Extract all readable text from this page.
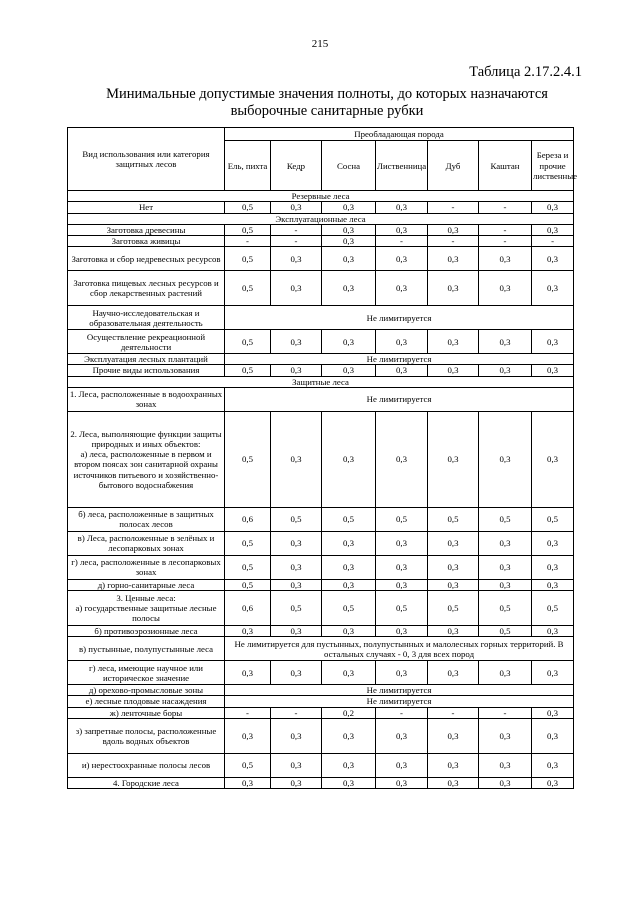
215
Таблица 2.17.2.4.1
Минимальные допустимые значения полноты, до которых назначаются
выборочные санитарные рубки
Вид использования или категория защитных лесов	Преобладающая порода						
	Ель, пихта	Кедр	Сосна	Лиственница	Дуб	Каштан	Береза и прочие лиственные
Резервные леса							
Нет	0,5	0,3	0,3	0,3	-	-	0,3
Эксплуатационные леса							
Заготовка древесины	0,5	-	0,3	0,3	0,3	-	0,3
Заготовка живицы	-	-	0,3	-	-	-	-
Заготовка и сбор недревесных ресурсов	0,5	0,3	0,3	0,3	0,3	0,3	0,3
Заготовка пищевых лесных ресурсов и сбор лекарственных растений	0,5	0,3	0,3	0,3	0,3	0,3	0,3
Научно-исследовательская и образовательная деятельность	Не лимитируется						
Осуществление рекреационной деятельности	0,5	0,3	0,3	0,3	0,3	0,3	0,3
Эксплуатация лесных плантаций	Не лимитируется						
Прочие виды использования	0,5	0,3	0,3	0,3	0,3	0,3	0,3
Защитные леса							
1. Леса, расположенные в водоохранных зонах	Не лимитируется						
2. Леса, выполняющие функции защиты природных и иных объектов:
а) леса, расположенные в первом и втором поясах зон санитарной охраны источников питьевого и хозяйственно-бытового водоснабжения	0,5	0,3	0,3	0,3	0,3	0,3	0,3
б) леса, расположенные в защитных полосах лесов	0,6	0,5	0,5	0,5	0,5	0,5	0,5
в) Леса, расположенные в зелёных и лесопарковых зонах	0,5	0,3	0,3	0,3	0,3	0,3	0,3
г) леса, расположенные в лесопарковых зонах	0,5	0,3	0,3	0,3	0,3	0,3	0,3
д) горно-санитарные леса	0,5	0,3	0,3	0,3	0,3	0,3	0,3
3. Ценные леса:
а) государственные защитные лесные полосы	0,6	0,5	0,5	0,5	0,5	0,5	0,5
б) противоэрозионные леса	0,3	0,3	0,3	0,3	0,3	0,5	0,3
в) пустынные, полупустынные леса	Не лимитируется для пустынных, полупустынных и малолесных горных территорий. В остальных случаях - 0, 3 для всех пород						
г) леса, имеющие научное или историческое значение	0,3	0,3	0,3	0,3	0,3	0,3	0,3
д) орехово-промысловые зоны	Не лимитируется						
е) лесные плодовые насаждения	Не лимитируется						
ж) ленточные боры	-	-	0,2	-	-	-	0,3
з) запретные полосы, расположенные вдоль водных объектов	0,3	0,3	0,3	0,3	0,3	0,3	0,3
и) нерестоохранные полосы лесов	0,5	0,3	0,3	0,3	0,3	0,3	0,3
4. Городские леса	0,3	0,3	0,3	0,3	0,3	0,3	0,3
